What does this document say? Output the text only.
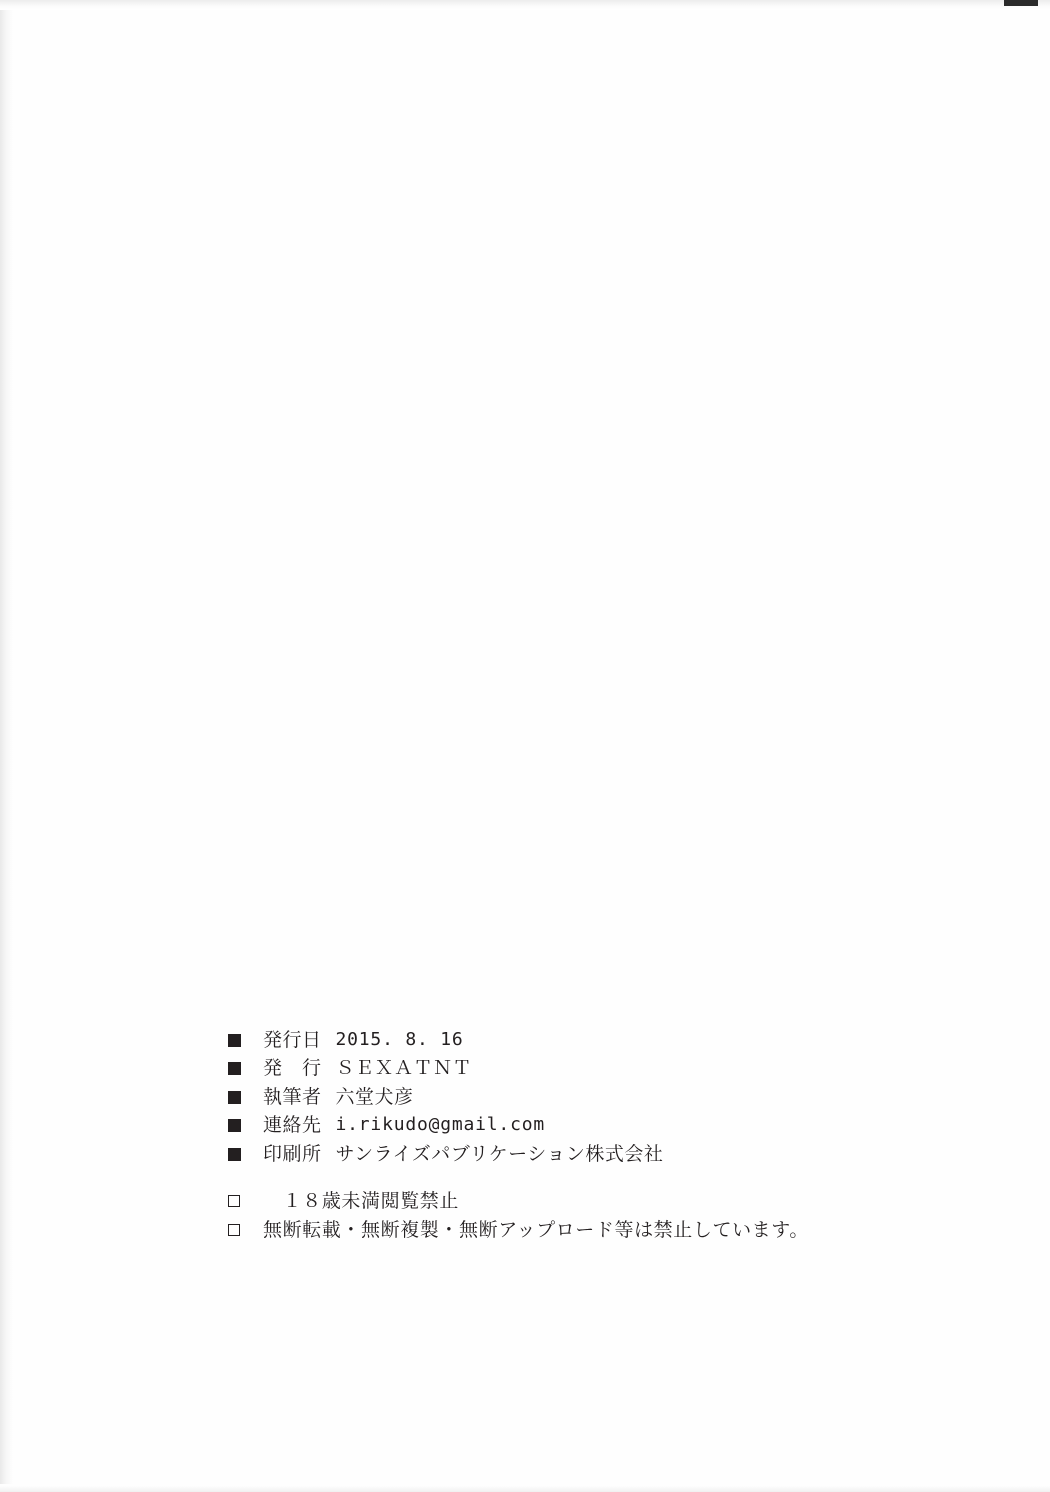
発行日 2015. 8. 16
発　行 ＳＥＸＡＴＮＴ
執筆者 六堂犬彦
連絡先 i.rikudo@gmail.com
印刷所 サンライズパブリケーション株式会社
　１８歳未満閲覧禁止
無断転載・無断複製・無断アップロード等は禁止しています。
